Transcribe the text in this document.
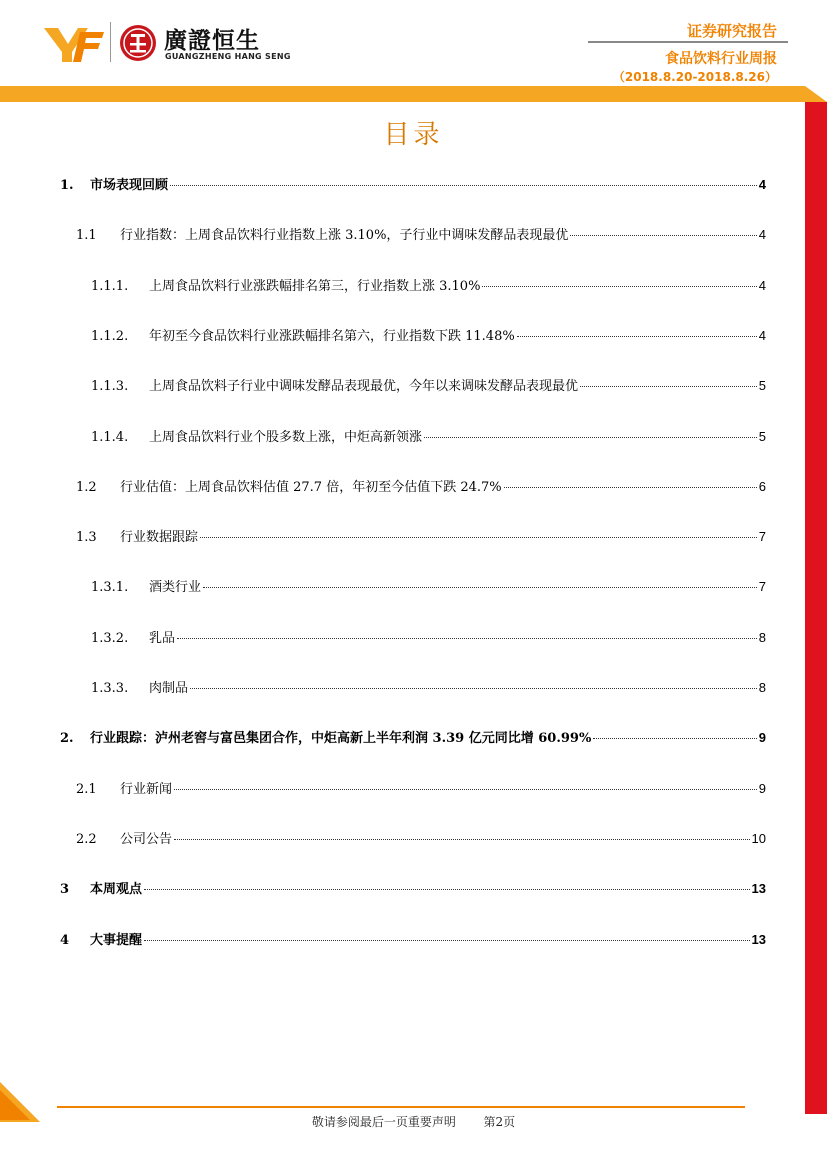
廣證恒生
GUANGZHENG HANG SENG
证券研究报告
食品饮料行业周报
（2018.8.20-2018.8.26）
目录
1.	市场表现回顾	4
1.1	行业指数：上周食品饮料行业指数上涨 3.10%，子行业中调味发酵品表现最优	4
1.1.1.	上周食品饮料行业涨跌幅排名第三，行业指数上涨 3.10%	4
1.1.2.	年初至今食品饮料行业涨跌幅排名第六，行业指数下跌 11.48%	4
1.1.3.	上周食品饮料子行业中调味发酵品表现最优，今年以来调味发酵品表现最优	5
1.1.4.	上周食品饮料行业个股多数上涨，中炬高新领涨	5
1.2	行业估值：上周食品饮料估值 27.7 倍，年初至今估值下跌 24.7%	6
1.3	行业数据跟踪	7
1.3.1.	酒类行业	7
1.3.2.	乳品	8
1.3.3.	肉制品	8
2.	行业跟踪：泸州老窖与富邑集团合作，中炬高新上半年利润 3.39 亿元同比增 60.99%	9
2.1	行业新闻	9
2.2	公司公告	10
3	本周观点	13
4	大事提醒	13
敬请参阅最后一页重要声明 第2页
